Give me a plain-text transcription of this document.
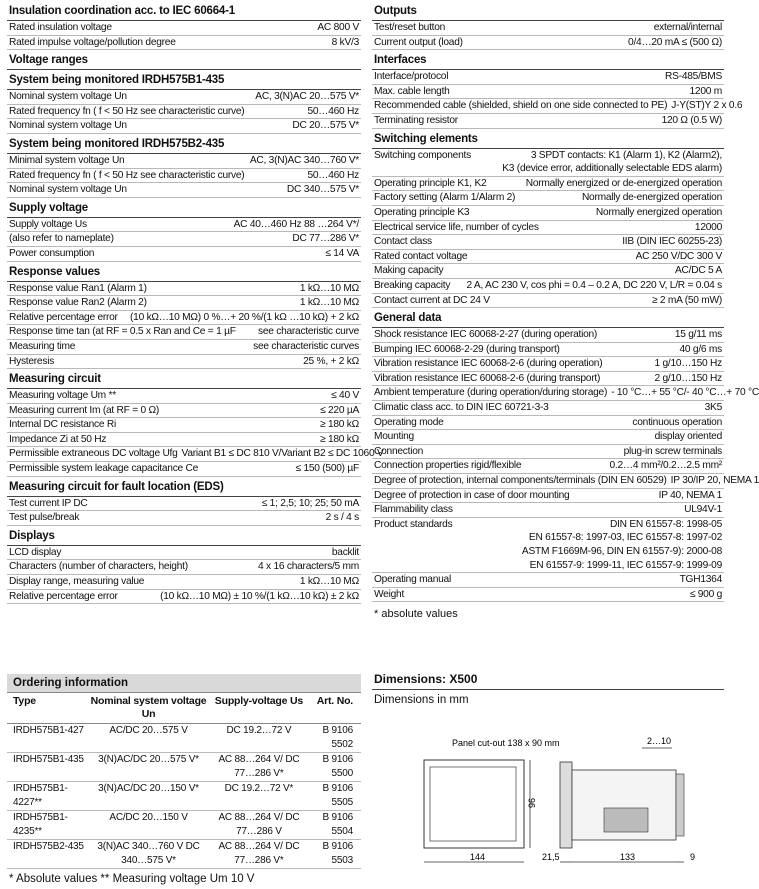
Insulation coordination acc. to IEC 60664-1
Rated insulation voltage	AC 800 V
Rated impulse voltage/pollution degree	8 kV/3
Voltage ranges
System being monitored IRDH575B1-435
Nominal system voltage Un	AC, 3(N)AC 20…575 V*
Rated frequency fn ( f < 50 Hz see characteristic curve)	50…460 Hz
Nominal system voltage Un	DC 20…575 V*
System being monitored IRDH575B2-435
Minimal system voltage Un	AC, 3(N)AC 340…760 V*
Rated frequency fn ( f < 50 Hz see characteristic curve)	50…460 Hz
Nominal system voltage Un	DC 340…575 V*
Supply voltage
Supply voltage Us	AC 40…460 Hz 88 …264 V*/
(also refer to nameplate)	DC 77…286 V*
Power consumption	≤ 14 VA
Response values
Response value Ran1 (Alarm 1)	1 kΩ…10 MΩ
Response value Ran2 (Alarm 2)	1 kΩ…10 MΩ
Relative percentage error	(10 kΩ…10 MΩ) 0 %…+ 20 %/(1 kΩ …10 kΩ) + 2 kΩ
Response time tan (at RF = 0.5 x Ran and Ce = 1 µF	see characteristic curve
Measuring time	see characteristic curves
Hysteresis	25 %, + 2 kΩ
Measuring circuit
Measuring voltage Um **	≤ 40 V
Measuring current Im (at RF = 0 Ω)	≤ 220 µA
Internal DC resistance Ri	≥ 180 kΩ
Impedance Zi at 50 Hz	≥ 180 kΩ
Permissible extraneous DC voltage Ufg Variant B1 ≤ DC 810 V/Variant B2 ≤ DC 1060 V
Permissible system leakage capacitance Ce	≤ 150 (500) µF
Measuring circuit for fault location (EDS)
Test current IP DC	≤ 1; 2,5; 10; 25; 50 mA
Test pulse/break	2 s / 4 s
Displays
LCD display	backlit
Characters (number of characters, height)	4 x 16 characters/5 mm
Display range, measuring value	1 kΩ…10 MΩ
Relative percentage error	(10 kΩ…10 MΩ) ± 10 %/(1 kΩ…10 kΩ) ± 2 kΩ
Outputs
Test/reset button	external/internal
Current output (load)	0/4…20 mA ≤ (500 Ω)
Interfaces
Interface/protocol	RS-485/BMS
Max. cable length	1200 m
Recommended cable (shielded, shield on one side connected to PE) J-Y(ST)Y 2 x 0.6
Terminating resistor	120 Ω (0.5 W)
Switching elements
Switching components	3 SPDT contacts: K1 (Alarm 1), K2 (Alarm2),
K3 (device error, additionally selectable EDS alarm)
Operating principle K1, K2	Normally energized or de-energized operation
Factory setting (Alarm 1/Alarm 2)	Normally de-energized operation
Operating principle K3	Normally energized operation
Electrical service life, number of cycles	12000
Contact class	IIB (DIN IEC 60255-23)
Rated contact voltage	AC 250 V/DC 300 V
Making capacity	AC/DC 5 A
Breaking capacity	2 A, AC 230 V, cos phi = 0.4 – 0.2 A, DC 220 V, L/R = 0.04 s
Contact current at DC 24 V	≥ 2 mA (50 mW)
General data
Shock resistance IEC 60068-2-27 (during operation)	15 g/11 ms
Bumping IEC 60068-2-29 (during transport)	40 g/6 ms
Vibration resistance IEC 60068-2-6 (during operation)	1 g/10…150 Hz
Vibration resistance IEC 60068-2-6 (during transport)	2 g/10…150 Hz
Ambient temperature (during operation/during storage) - 10 °C…+ 55 °C/- 40 °C…+ 70 °C
Climatic class acc. to DIN IEC 60721-3-3	3K5
Operating mode	continuous operation
Mounting	display oriented
Connection	plug-in screw terminals
Connection properties rigid/flexible	0.2…4 mm²/0.2…2.5 mm²
Degree of protection, internal components/terminals (DIN EN 60529) IP 30/IP 20, NEMA 1
Degree of protection in case of door mounting	IP 40, NEMA 1
Flammability class	UL94V-1
Product standards	DIN EN 61557-8: 1998-05
EN 61557-8: 1997-03, IEC 61557-8: 1997-02
ASTM F1669M-96, DIN EN 61557-9): 2000-08
EN 61557-9: 1999-11, IEC 61557-9: 1999-09
Operating manual	TGH1364
Weight	≤ 900 g
* absolute values
Ordering information
Type	Nominal system voltage Un	Supply-voltage Us	Art. No.
IRDH575B1-427	AC/DC 20…575 V	DC 19.2…72 V	B 9106 5502
IRDH575B1-435	3(N)AC/DC 20…575 V*	AC 88…264 V/ DC 77…286 V*	B 9106 5500
IRDH575B1-4227**	3(N)AC/DC 20…150 V*	DC 19.2…72 V*	B 9106 5505
IRDH575B1-4235**	AC/DC 20…150 V	AC 88…264 V/ DC 77…286 V	B 9106 5504
IRDH575B2-435	3(N)AC 340…760 V DC 340…575 V*	AC 88…264 V/ DC 77…286 V*	B 9106 5503
* Absolute values ** Measuring voltage Um 10 V
Dimensions: X500
Dimensions in mm
Panel cut-out 138 x 90 mm
96
144
2…10
21,5	133	9
